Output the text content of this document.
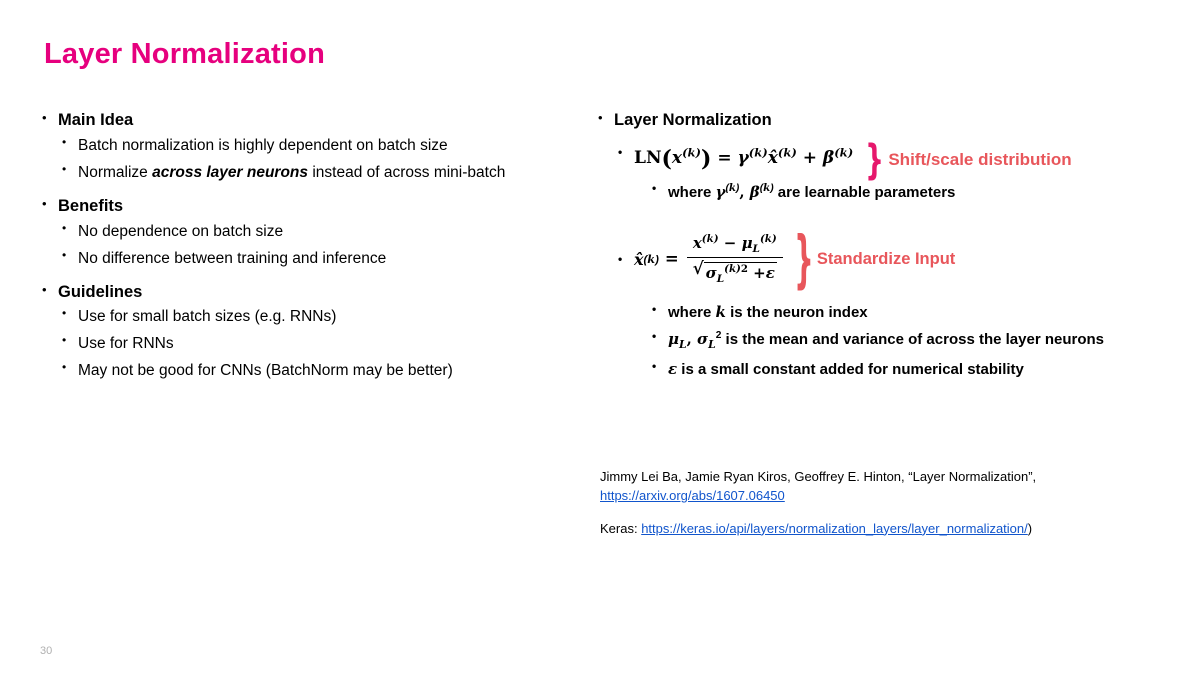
Layer Normalization
• Main Idea
• Batch normalization is highly dependent on batch size
• Normalize across layer neurons instead of across mini-batch
• Benefits
• No dependence on batch size
• No difference between training and inference
• Guidelines
• Use for small batch sizes (e.g. RNNs)
• Use for RNNs
• May not be good for CNNs (BatchNorm may be better)
• Layer Normalization
• $LN(x^{(k)})$ = $\gamma^{(k)}x̂^{(k)} + \beta^{(k)}$ } Shift/scale distribution
• where $\gamma^{(k)}$, $\beta^{(k)}$ are learnable parameters
• x̂ $(k) = x^{(k)} - \mu_L^{(k)}$
√ $\sigma_L^{(k)2} +\varepsilon$ } Standardize Input
• where k is the neuron index
• $\mu_L$, $\sigma_L^2$ is the mean and variance of across the layer neurons
• ε is a small constant added for numerical stability
Jimmy Lei Ba, Jamie Ryan Kiros, Geoffrey E. Hinton, “Layer Normalization”,
https://arxiv.org/abs/1607.06450
Keras: https://keras.io/api/layers/normalization_layers/layer_normalization/)
30
